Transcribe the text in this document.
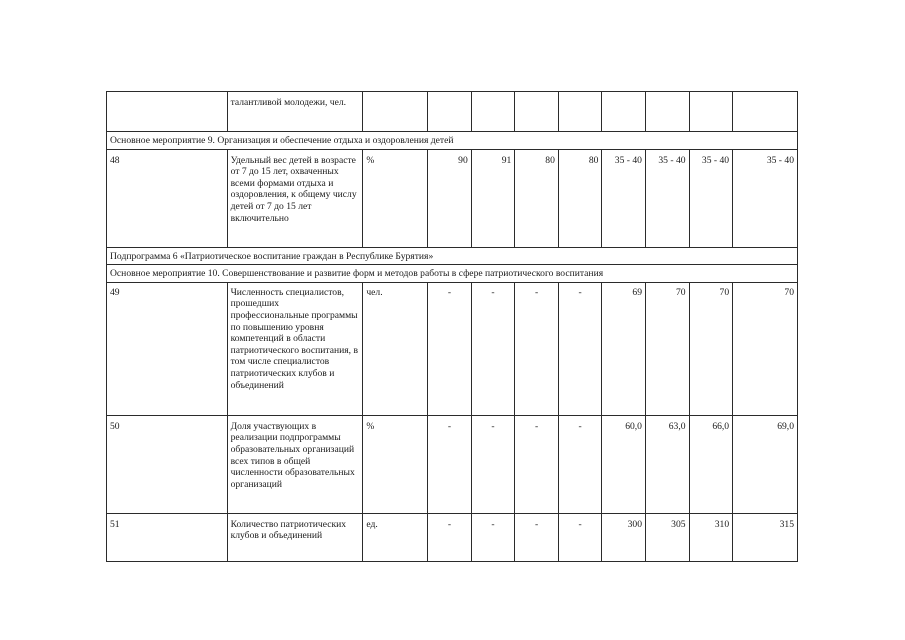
	талантливой молодежи, чел.									
Основное мероприятие 9. Организация и обеспечение отдыха и оздоровления детей										
48	Удельный вес детей в возрасте от 7 до 15 лет, охваченных всеми формами отдыха и оздоровления, к общему числу детей от 7 до 15 лет включительно	%	90	91	80	80	35 - 40	35 - 40	35 - 40	35 - 40
Подпрограмма 6 «Патриотическое воспитание граждан в Республике Бурятия»										
Основное мероприятие 10. Совершенствование и развитие форм и методов работы в сфере патриотического воспитания										
49	Численность специалистов, прошедших профессиональные программы по повышению уровня компетенций в области патриотического воспитания, в том числе специалистов патриотических клубов и объединений	чел.	-	-	-	-	69	70	70	70
50	Доля участвующих в реализации подпрограммы образовательных организаций всех типов в общей численности образовательных организаций	%	-	-	-	-	60,0	63,0	66,0	69,0
51	Количество патриотических клубов и объединений	ед.	-	-	-	-	300	305	310	315
